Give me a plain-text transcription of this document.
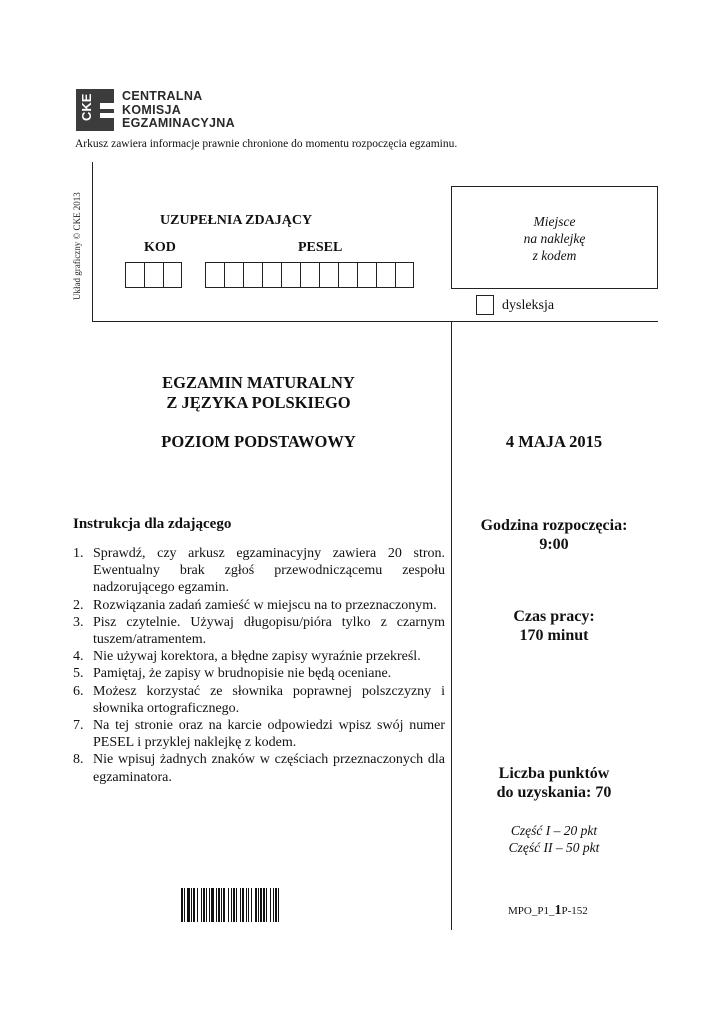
CKE CENTRALNA
KOMISJA
EGZAMINACYJNA
Arkusz zawiera informacje prawnie chronione do momentu rozpoczęcia egzaminu.
Układ graficzny © CKE 2013	UZUPEŁNIA ZDAJĄCY
KOD	PESEL
Miejsce
na naklejkę
z kodem
dysleksja
EGZAMIN MATURALNY
Z JĘZYKA POLSKIEGO
POZIOM PODSTAWOWY	4 MAJA 2015
Instrukcja dla zdającego
1. Sprawdź, czy arkusz egzaminacyjny zawiera 20 stron. Ewentualny brak zgłoś przewodniczącemu zespołu nadzorującego egzamin.
2. Rozwiązania zadań zamieść w miejscu na to przeznaczonym.
3. Pisz czytelnie. Używaj długopisu/pióra tylko z czarnym tuszem/atramentem.
4. Nie używaj korektora, a błędne zapisy wyraźnie przekreśl.
5. Pamiętaj, że zapisy w brudnopisie nie będą oceniane.
6. Możesz korzystać ze słownika poprawnej polszczyzny i słownika ortograficznego.
7. Na tej stronie oraz na karcie odpowiedzi wpisz swój numer PESEL i przyklej naklejkę z kodem.
8. Nie wpisuj żadnych znaków w częściach przeznaczonych dla egzaminatora.
Godzina rozpoczęcia:
9:00
Czas pracy:
170 minut
Liczba punktów
do uzyskania: 70
Część I – 20 pkt
Część II – 50 pkt
MPO_P1_1P-152
